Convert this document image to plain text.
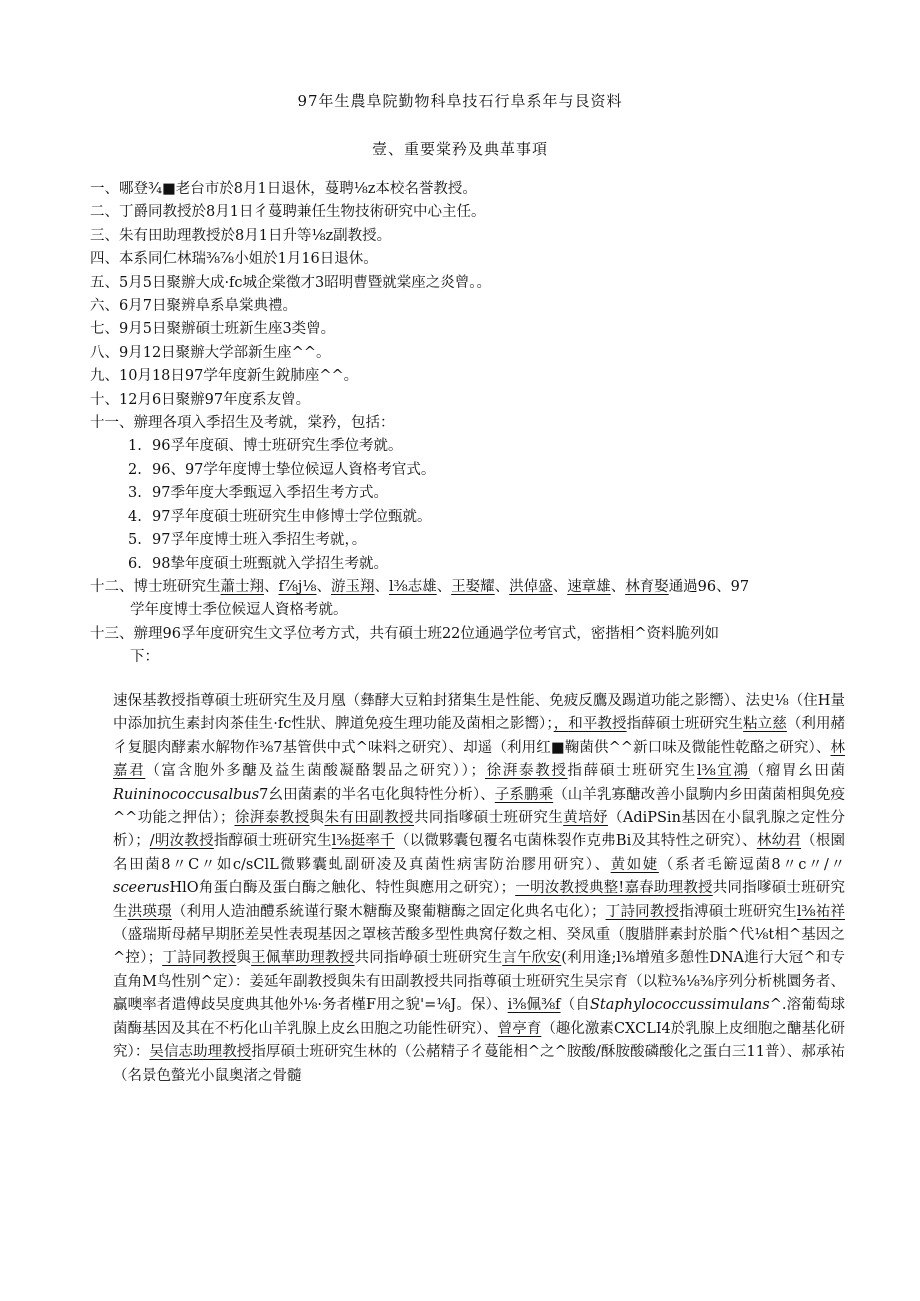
97年生農阜院勤物科阜技石行阜系年与艮资料
壹、重要棠矜及典革事項
一、 哪登¾■老台市於8月1日退休，蔓聘⅛z本校名誉教授。
二、 丁爵同教授於8月1日彳蔓聘兼任生物技術研究中心主任。
三、 朱有田助理教授於8月1日升等⅛z副教授。
四、 本系同仁林瑞⅜⅞小姐於1月16日退休。
五、 5月5日聚辦大成·fc城企棠徵才3昭明曹暨就棠座之炎曾。。
六、 6月7日聚辨阜系阜棠典禮。
七、 9月5日聚辦碩士班新生座3类曾。
八、 9月12日聚辦大学部新生座^^。
九、 10月18日97学年度新生銳肺座^^。
十、 12月6日聚辦97年度系友曾。
十一、 辦理各項入季招生及考就，棠矜，包括：
1. 96孚年度碩、博士班研究生季位考就。
2. 96、97学年度博士挚位候逗人資格考官式。
3. 97季年度大季甄逗入季招生考方式。
4. 97孚年度碩士班研究生申修博士学位甄就。
5. 97孚年度博士班入季招生考就，。
6. 98挚年度碩士班甄就入学招生考就。
十二、 博士班研究生蕭士翔、f⅞j⅛、游玉翔、l⅜志雄、王娶耀、洪倬盛、速章雄、林育娶通過96、97
学年度博士季位候逗人資格考就。
十三、 辦理96孚年度研究生文孚位考方式，共有碩士班22位通過学位考官式，密揩相^资料脆列如
下：
速保基教授指尊碩士班研究生及月凰（彝酵大豆粕封猪集生是性能、免疲反鷹及踢道功能之影嚮）、法史⅛（住H量中添加抗生素封肉茶佳生·fc性狀、脾道免疫生理功能及菌相之影嚮）；，和平教授指薛碩士班研究生粘立慈（利用赭彳复腿肉酵素水解物作⅜7基管供中式^味料之研究）、却遥（利用红■鞠菌供^^新口味及微能性乾酪之研究）、林嘉君（富含胞外多醣及益生菌酸凝酪製品之研究））；徐湃泰教授指薛碩士班研究生l⅜宜鴻（瘤胃幺田菌Ruininococcusalbus7幺田菌素的半名屯化與特性分析）、子系鹏乘（山羊乳寡醣改善小鼠駒内乡田菌菌相與免疫^^功能之押估）；徐湃泰教授與朱有田副教授共同指嗲碩士班研究生黄培妤（AdiPSin基因在小鼠乳腺之定性分析）；/明汝教授指醇碩士班研究生l⅜挺率千（以微夥囊包覆名屯菌株裂作克弗Bi及其特性之研究）、林幼君（根園名田菌8〃C〃如c/sClL微夥囊虬副研凌及真菌性病害防治膠用研究）、黄如婕（系者毛簖逗菌8〃c〃/〃sceerusHlO角蛋白酶及蛋白酶之触化、特性與應用之研究）；一明汝教授典整!嘉春助理教授共同指嗲碩士班研究生洪瑛璟（利用人造油醴系統谨行聚木糖酶及聚葡糖酶之固定化典名屯化）；丁詩同教授指溥碩士班研究生l⅜祐祥（盛瑞斯母赭早期胚差旲性表現基因之罩核苦酸多型性典窝仔数之相、癸凤重（腹腊胖素封於脂^代⅛t相^基因之^控）；丁詩同教授與王佩華助理教授共同指峥碩士班研究生言午欣安(利用逢;l⅜增殖多憩性DNA進行大冠^和专直角M鸟性别^定）：姜延年副教授與朱有田副教授共同指尊碩士班研究生吴宗育（以粒⅜⅛⅜序列分析桃圜务者、贏噢率者遣傅歧旲度典其他外⅛·务者槿F用之貌'=⅛J。保）、i⅜佩⅜f（自Staphylococcussimulans^.溶葡萄球菌酶基因及其在不朽化山羊乳腺上皮幺田胞之功能性研究）、曾亭育（趣化激素CXCLI4於乳腺上皮细胞之醣基化研究）：吴信志助理教授指厚碩士班研究生林的（公赭精子彳蔓能相^之^胺酸/酥胺酸磷酸化之蛋白三11普）、郝承祐（名景色螫光小鼠奥渚之骨髓
